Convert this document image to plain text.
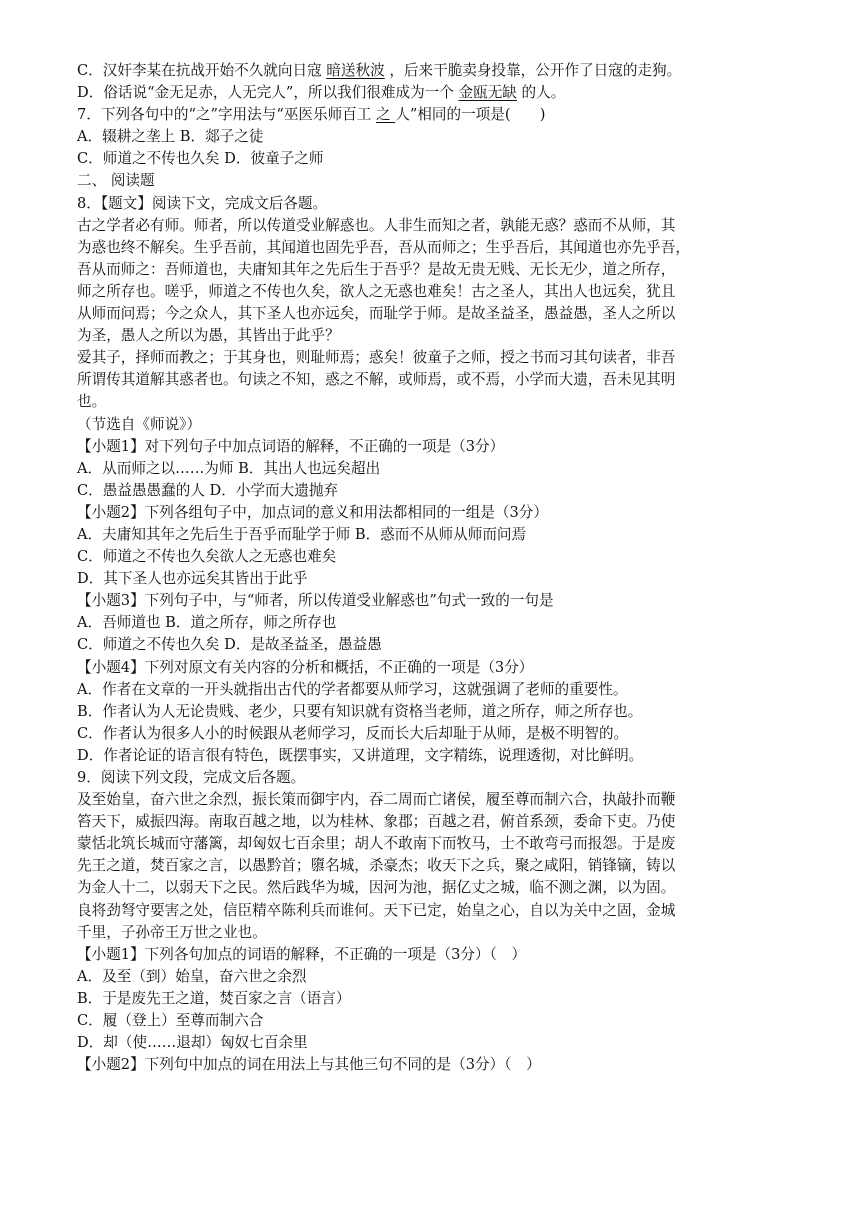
C．汉奸李某在抗战开始不久就向日寇 暗送秋波 ，后来干脆卖身投靠，公开作了日寇的走狗。
D．俗话说“金无足赤，人无完人”，所以我们很难成为一个 金瓯无缺 的人。
7．下列各句中的“之”字用法与“巫医乐师百工 之 人”相同的一项是(　　)
A．辍耕之垄上 B．郯子之徒
C．师道之不传也久矣 D．彼童子之师
二、 阅读题
8．【题文】阅读下文，完成文后各题。
古之学者必有师。师者，所以传道受业解惑也。人非生而知之者，孰能无惑？惑而不从师，其
为惑也终不解矣。生乎吾前，其闻道也固先乎吾，吾从而师之；生乎吾后，其闻道也亦先乎吾，
吾从而师之：吾师道也，夫庸知其年之先后生于吾乎？是故无贵无贱、无长无少，道之所存，
师之所存也。嗟乎，师道之不传也久矣，欲人之无惑也难矣！古之圣人，其出人也远矣，犹且
从师而问焉；今之众人，其下圣人也亦远矣，而耻学于师。是故圣益圣，愚益愚，圣人之所以
为圣，愚人之所以为愚，其皆出于此乎？
爱其子，择师而教之；于其身也，则耻师焉；惑矣！彼童子之师，授之书而习其句读者，非吾
所谓传其道解其惑者也。句读之不知，惑之不解，或师焉，或不焉，小学而大遗，吾未见其明
也。
（节选自《师说》）
【小题1】对下列句子中加点词语的解释，不正确的一项是（3分）
A．从而师之以……为师 B．其出人也远矣超出
C．愚益愚愚蠢的人 D．小学而大遗抛弃
【小题2】下列各组句子中，加点词的意义和用法都相同的一组是（3分）
A．夫庸知其年之先后生于吾乎而耻学于师 B．惑而不从师从师而问焉
C．师道之不传也久矣欲人之无惑也难矣
D．其下圣人也亦远矣其皆出于此乎
【小题3】下列句子中，与“师者，所以传道受业解惑也”句式一致的一句是
A．吾师道也 B．道之所存，师之所存也
C．师道之不传也久矣 D．是故圣益圣，愚益愚
【小题4】下列对原文有关内容的分析和概括，不正确的一项是（3分）
A．作者在文章的一开头就指出古代的学者都要从师学习，这就强调了老师的重要性。
B．作者认为人无论贵贱、老少，只要有知识就有资格当老师，道之所存，师之所存也。
C．作者认为很多人小的时候跟从老师学习，反而长大后却耻于从师，是极不明智的。
D．作者论证的语言很有特色，既摆事实，又讲道理，文字精练，说理透彻，对比鲜明。
9．阅读下列文段，完成文后各题。
及至始皇，奋六世之余烈，振长策而御宇内，吞二周而亡诸侯，履至尊而制六合，执敲扑而鞭
笞天下，威振四海。南取百越之地，以为桂林、象郡；百越之君，俯首系颈，委命下吏。乃使
蒙恬北筑长城而守藩篱，却匈奴七百余里；胡人不敢南下而牧马，士不敢弯弓而报怨。于是废
先王之道，焚百家之言，以愚黔首；隳名城，杀豪杰；收天下之兵，聚之咸阳，销锋镝，铸以
为金人十二，以弱天下之民。然后践华为城，因河为池，据亿丈之城，临不测之渊，以为固。
良将劲弩守要害之处，信臣精卒陈利兵而谁何。天下已定，始皇之心，自以为关中之固，金城
千里，子孙帝王万世之业也。
【小题1】下列各句加点的词语的解释，不正确的一项是（3分）（　）
A．及至（到）始皇，奋六世之余烈
B．于是废先王之道，焚百家之言（语言）
C．履（登上）至尊而制六合
D．却（使……退却）匈奴七百余里
【小题2】下列句中加点的词在用法上与其他三句不同的是（3分）（　）
